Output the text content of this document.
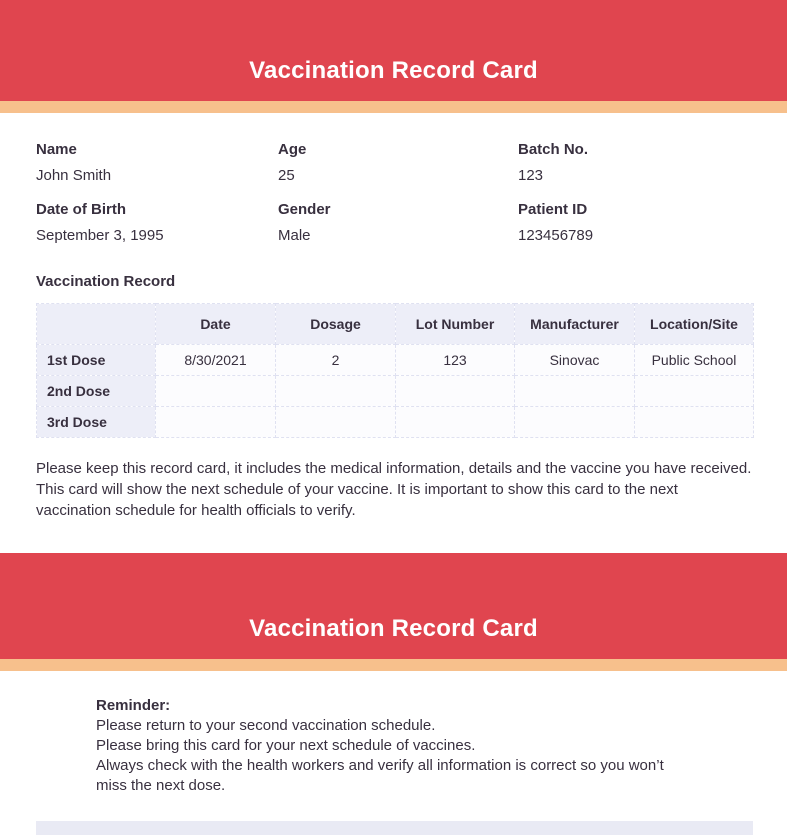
Vaccination Record Card
Name
John Smith
Age
25
Batch No.
123
Date of Birth
September 3, 1995
Gender
Male
Patient ID
123456789
Vaccination Record
	Date	Dosage	Lot Number	Manufacturer	Location/Site
1st Dose	8/30/2021	2	123	Sinovac	Public School
2nd Dose					
3rd Dose					

Please keep this record card, it includes the medical information, details and the vaccine you have received. This card will show the next schedule of your vaccine. It is important to show this card to the next vaccination schedule for health officials to verify.

Vaccination Record Card
Reminder:
Please return to your second vaccination schedule.
Please bring this card for your next schedule of vaccines.
Always check with the health workers and verify all information is correct so you won’t miss the next dose.
